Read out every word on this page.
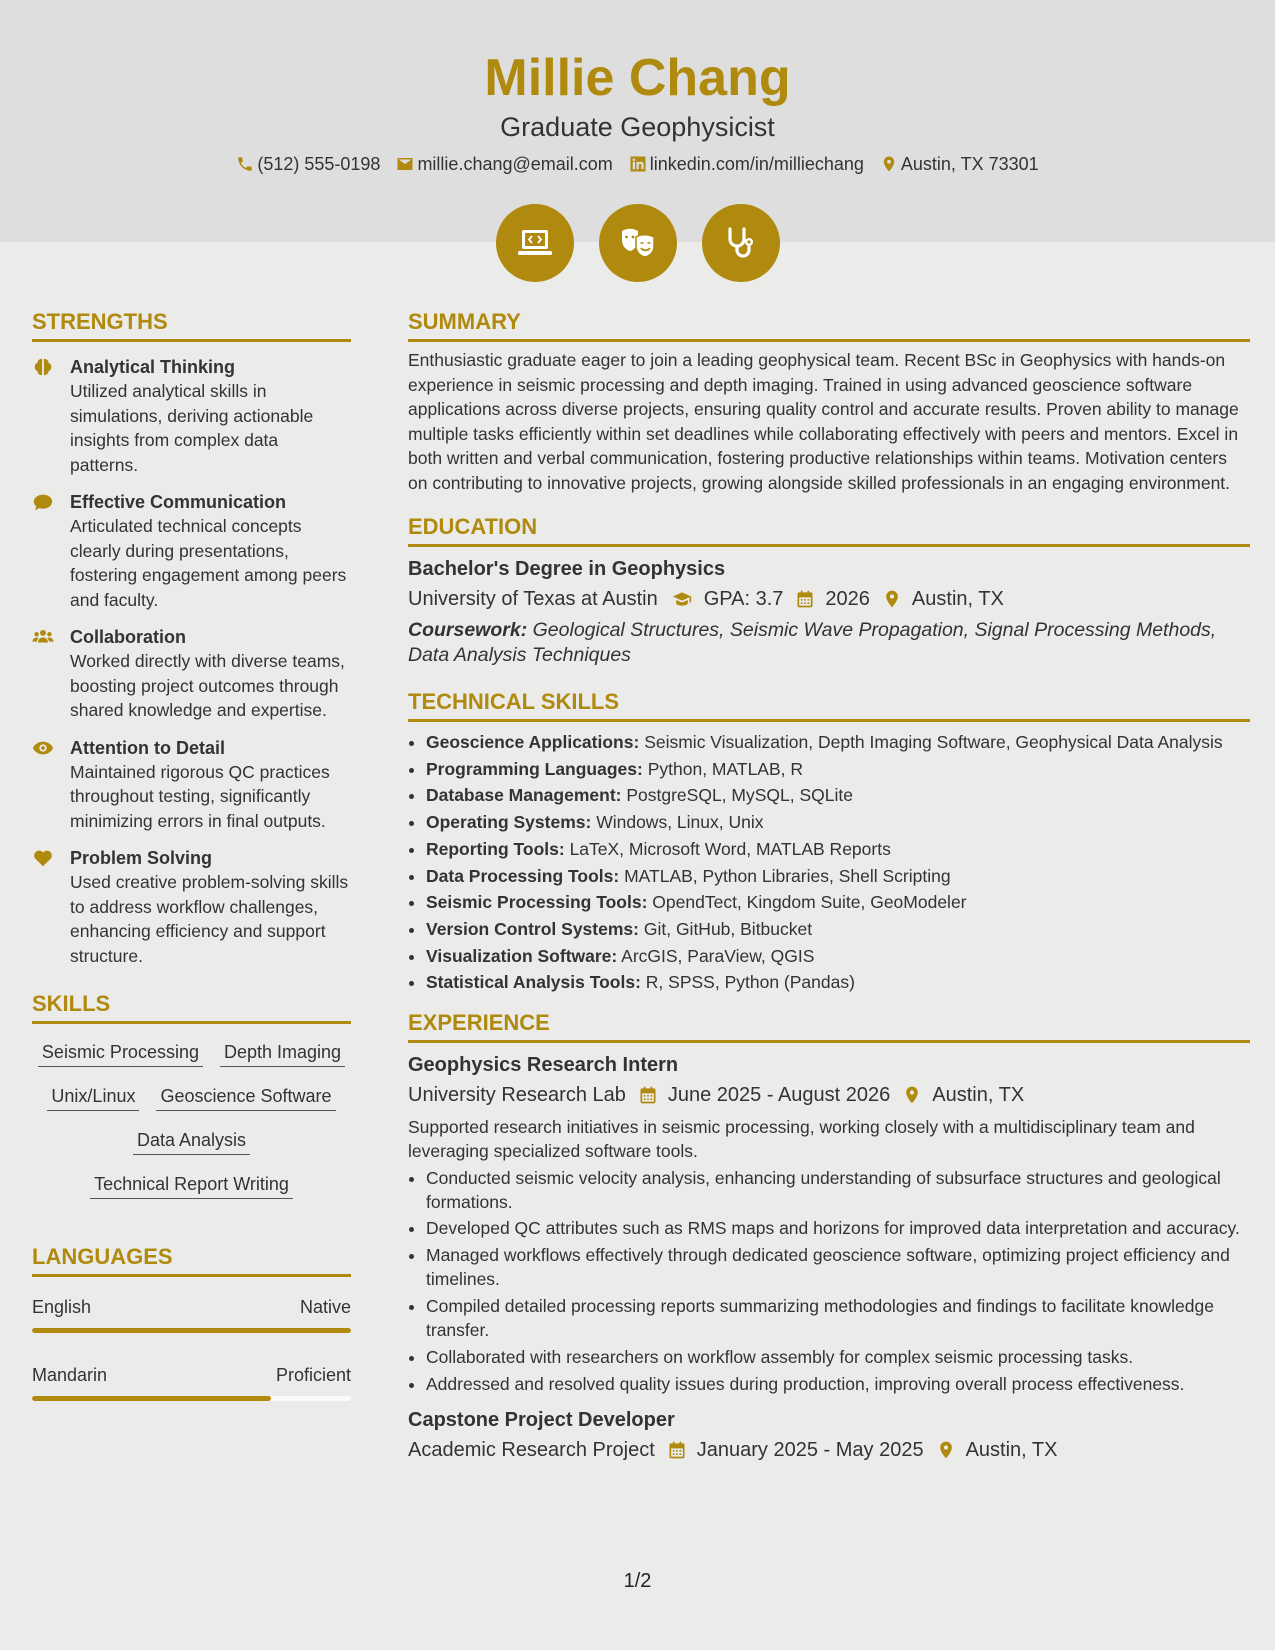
Millie Chang
Graduate Geophysicist
(512) 555-0198 millie.chang@email.com linkedin.com/in/milliechang Austin, TX 73301
STRENGTHS
Analytical Thinking
Utilized analytical skills in simulations, deriving actionable insights from complex data patterns.
Effective Communication
Articulated technical concepts clearly during presentations, fostering engagement among peers and faculty.
Collaboration
Worked directly with diverse teams, boosting project outcomes through shared knowledge and expertise.
Attention to Detail
Maintained rigorous QC practices throughout testing, significantly minimizing errors in final outputs.
Problem Solving
Used creative problem-solving skills to address workflow challenges, enhancing efficiency and support structure.
SKILLS
Seismic Processing Depth Imaging
Unix/Linux Geoscience Software
Data Analysis
Technical Report Writing
LANGUAGES
English	Native
Mandarin	Proficient
SUMMARY
Enthusiastic graduate eager to join a leading geophysical team. Recent BSc in Geophysics with hands-on experience in seismic processing and depth imaging. Trained in using advanced geoscience software applications across diverse projects, ensuring quality control and accurate results. Proven ability to manage multiple tasks efficiently within set deadlines while collaborating effectively with peers and mentors. Excel in both written and verbal communication, fostering productive relationships within teams. Motivation centers on contributing to innovative projects, growing alongside skilled professionals in an engaging environment.
EDUCATION
Bachelor's Degree in Geophysics
University of Texas at Austin GPA: 3.7 2026 Austin, TX
Coursework: Geological Structures, Seismic Wave Propagation, Signal Processing Methods, Data Analysis Techniques
TECHNICAL SKILLS
• Geoscience Applications: Seismic Visualization, Depth Imaging Software, Geophysical Data Analysis
• Programming Languages: Python, MATLAB, R
• Database Management: PostgreSQL, MySQL, SQLite
• Operating Systems: Windows, Linux, Unix
• Reporting Tools: LaTeX, Microsoft Word, MATLAB Reports
• Data Processing Tools: MATLAB, Python Libraries, Shell Scripting
• Seismic Processing Tools: OpendTect, Kingdom Suite, GeoModeler
• Version Control Systems: Git, GitHub, Bitbucket
• Visualization Software: ArcGIS, ParaView, QGIS
• Statistical Analysis Tools: R, SPSS, Python (Pandas)
EXPERIENCE
Geophysics Research Intern
University Research Lab June 2025 - August 2026 Austin, TX
Supported research initiatives in seismic processing, working closely with a multidisciplinary team and leveraging specialized software tools.
• Conducted seismic velocity analysis, enhancing understanding of subsurface structures and geological formations.
• Developed QC attributes such as RMS maps and horizons for improved data interpretation and accuracy.
• Managed workflows effectively through dedicated geoscience software, optimizing project efficiency and timelines.
• Compiled detailed processing reports summarizing methodologies and findings to facilitate knowledge transfer.
• Collaborated with researchers on workflow assembly for complex seismic processing tasks.
• Addressed and resolved quality issues during production, improving overall process effectiveness.
Capstone Project Developer
Academic Research Project January 2025 - May 2025 Austin, TX
1/2
